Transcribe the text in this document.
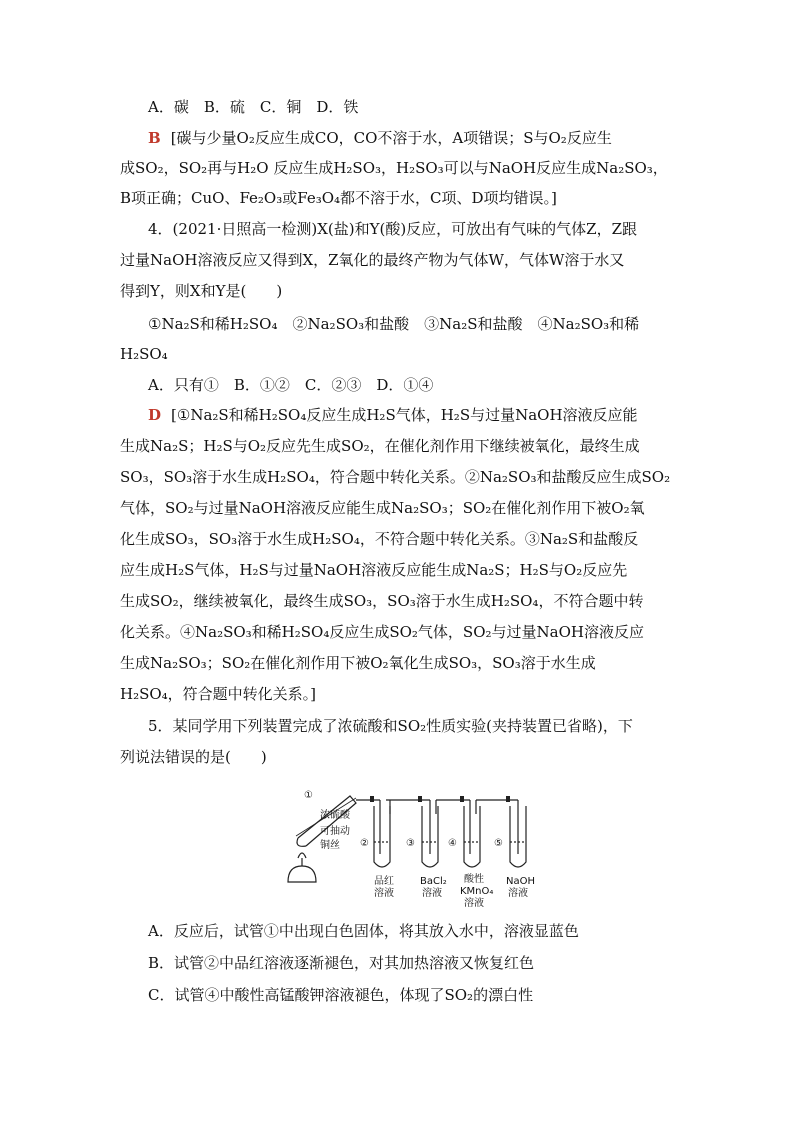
A．碳　B．硫　C．铜　D．铁
B [碳与少量O₂反应生成CO，CO不溶于水，A项错误；S与O₂反应生
成SO₂，SO₂再与H₂O 反应生成H₂SO₃，H₂SO₃可以与NaOH反应生成Na₂SO₃，
B项正确；CuO、Fe₂O₃或Fe₃O₄都不溶于水，C项、D项均错误。]
4．(2021·日照高一检测)X(盐)和Y(酸)反应，可放出有气味的气体Z，Z跟
过量NaOH溶液反应又得到X，Z氧化的最终产物为气体W，气体W溶于水又
得到Y，则X和Y是(　　)
①Na₂S和稀H₂SO₄　②Na₂SO₃和盐酸　③Na₂S和盐酸　④Na₂SO₃和稀
H₂SO₄
A．只有①　B．①②　C．②③　D．①④
D [①Na₂S和稀H₂SO₄反应生成H₂S气体，H₂S与过量NaOH溶液反应能
生成Na₂S；H₂S与O₂反应先生成SO₂，在催化剂作用下继续被氧化，最终生成
SO₃，SO₃溶于水生成H₂SO₄，符合题中转化关系。②Na₂SO₃和盐酸反应生成SO₂
气体，SO₂与过量NaOH溶液反应能生成Na₂SO₃；SO₂在催化剂作用下被O₂氧
化生成SO₃，SO₃溶于水生成H₂SO₄，不符合题中转化关系。③Na₂S和盐酸反
应生成H₂S气体，H₂S与过量NaOH溶液反应能生成Na₂S；H₂S与O₂反应先
生成SO₂，继续被氧化，最终生成SO₃，SO₃溶于水生成H₂SO₄，不符合题中转
化关系。④Na₂SO₃和稀H₂SO₄反应生成SO₂气体，SO₂与过量NaOH溶液反应
生成Na₂SO₃；SO₂在催化剂作用下被O₂氧化生成SO₃，SO₃溶于水生成
H₂SO₄，符合题中转化关系。]
5．某同学用下列装置完成了浓硫酸和SO₂性质实验(夹持装置已省略)，下
列说法错误的是(　　)
①
②	③	④	⑤
浓硫酸
可抽动
铜丝
品红
溶液
BaCl₂
溶液
酸性
KMnO₄
溶液
NaOH
溶液
A．反应后，试管①中出现白色固体，将其放入水中，溶液显蓝色
B．试管②中品红溶液逐渐褪色，对其加热溶液又恢复红色
C．试管④中酸性高锰酸钾溶液褪色，体现了SO₂的漂白性
